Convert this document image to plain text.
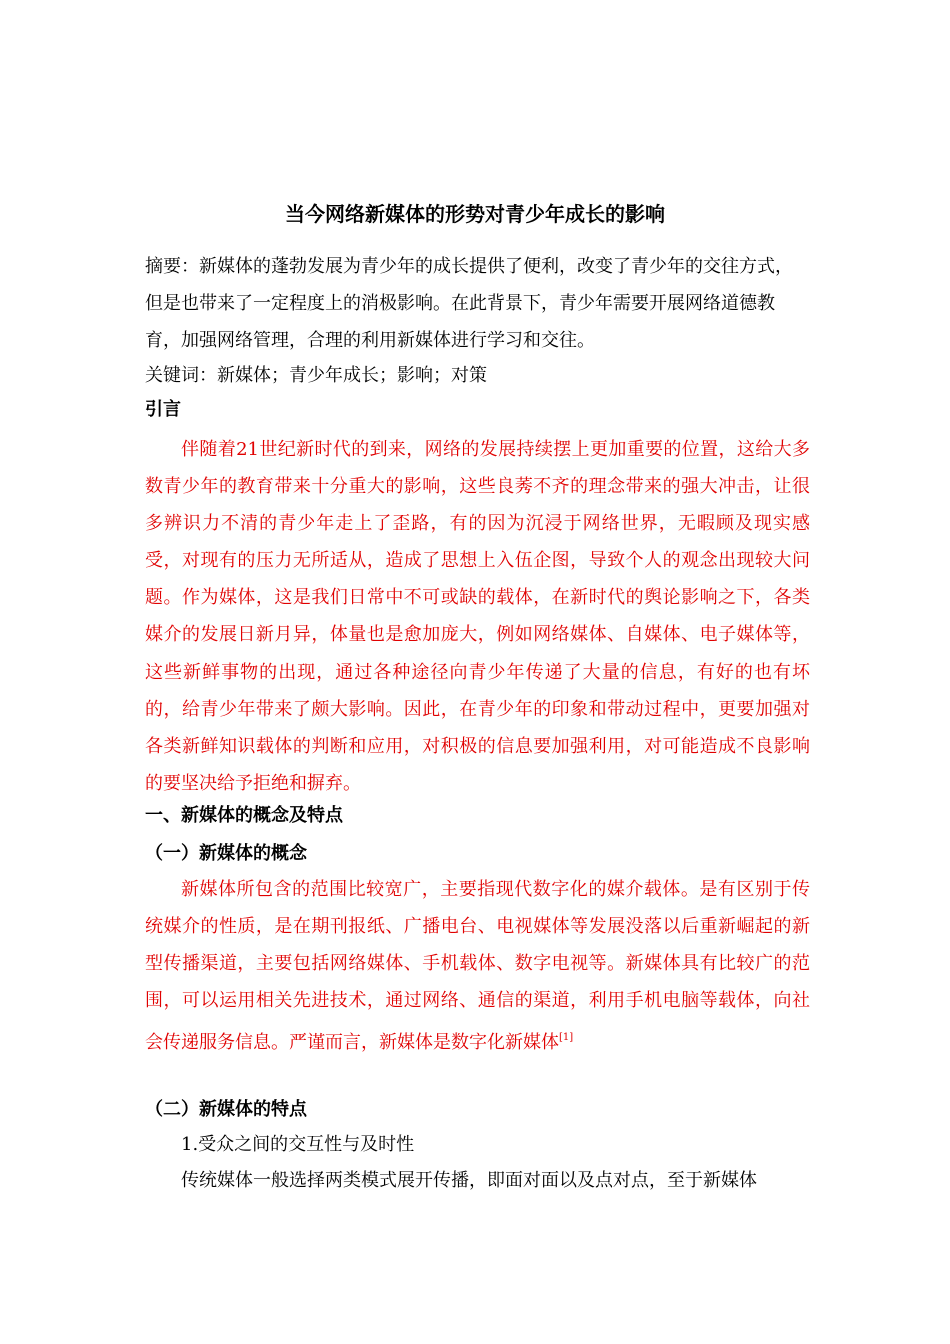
当今网络新媒体的形势对青少年成长的影响
摘要：新媒体的蓬勃发展为青少年的成长提供了便利，改变了青少年的交往方式，但是也带来了一定程度上的消极影响。在此背景下，青少年需要开展网络道德教育，加强网络管理，合理的利用新媒体进行学习和交往。
关键词：新媒体；青少年成长；影响；对策
引言
伴随着21世纪新时代的到来，网络的发展持续摆上更加重要的位置，这给大多数青少年的教育带来十分重大的影响，这些良莠不齐的理念带来的强大冲击，让很多辨识力不清的青少年走上了歪路，有的因为沉浸于网络世界，无暇顾及现实感受，对现有的压力无所适从，造成了思想上入伍企图，导致个人的观念出现较大问题。作为媒体，这是我们日常中不可或缺的载体，在新时代的舆论影响之下，各类媒介的发展日新月异，体量也是愈加庞大，例如网络媒体、自媒体、电子媒体等，这些新鲜事物的出现，通过各种途径向青少年传递了大量的信息，有好的也有坏的，给青少年带来了颇大影响。因此，在青少年的印象和带动过程中，更要加强对各类新鲜知识载体的判断和应用，对积极的信息要加强利用，对可能造成不良影响的要坚决给予拒绝和摒弃。
一、新媒体的概念及特点
（一）新媒体的概念
新媒体所包含的范围比较宽广，主要指现代数字化的媒介载体。是有区别于传统媒介的性质，是在期刊报纸、广播电台、电视媒体等发展没落以后重新崛起的新型传播渠道，主要包括网络媒体、手机载体、数字电视等。新媒体具有比较广的范围，可以运用相关先进技术，通过网络、通信的渠道，利用手机电脑等载体，向社会传递服务信息。严谨而言，新媒体是数字化新媒体[1]
（二）新媒体的特点
1.受众之间的交互性与及时性
传统媒体一般选择两类模式展开传播，即面对面以及点对点，至于新媒体
